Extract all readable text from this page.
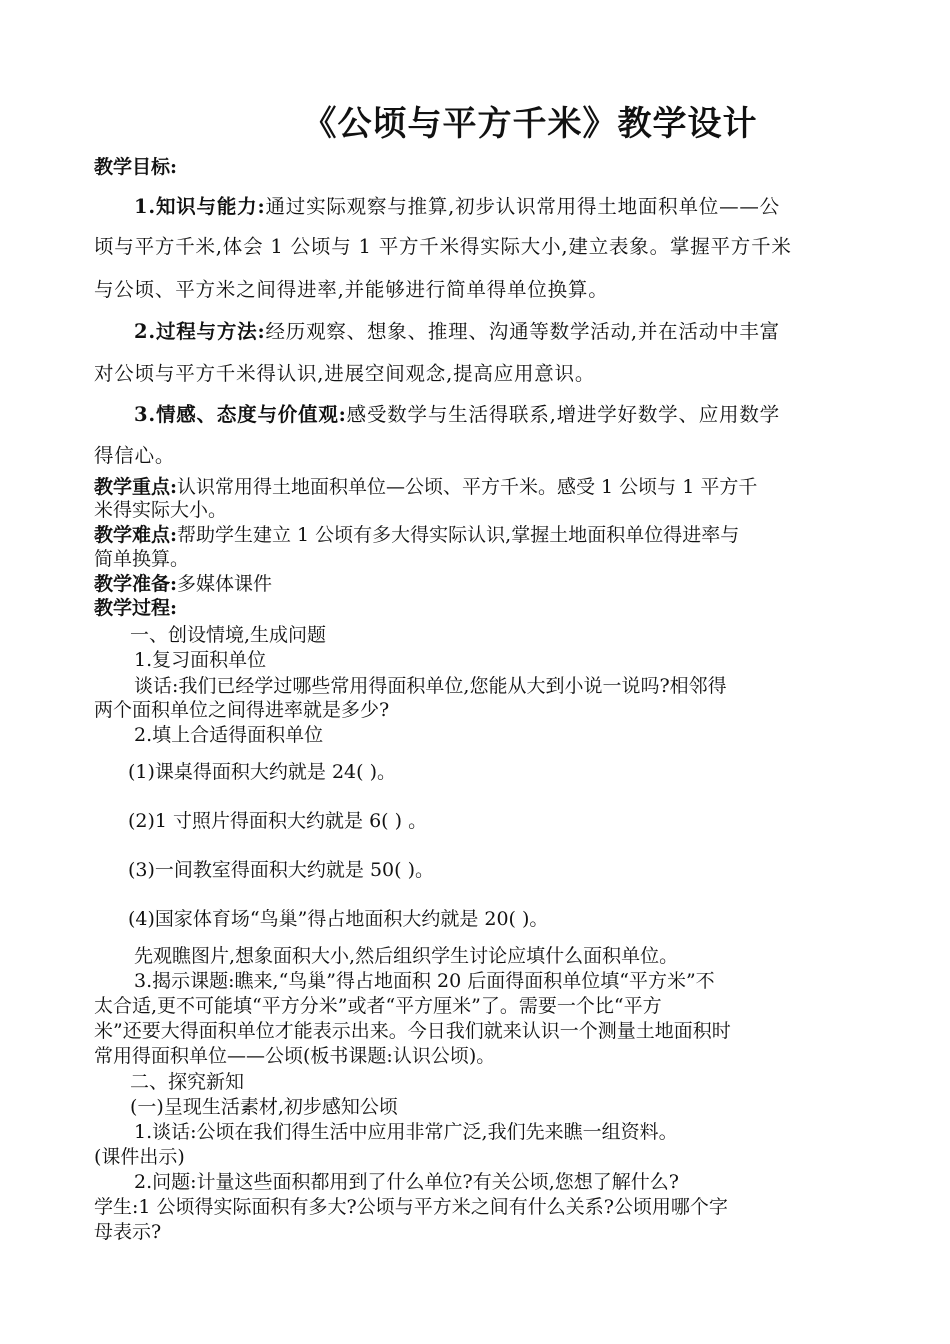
《公顷与平方千米》教学设计
教学目标:
1.知识与能力:通过实际观察与推算,初步认识常用得土地面积单位——公
顷与平方千米,体会 1 公顷与 1 平方千米得实际大小,建立表象。掌握平方千米
与公顷、平方米之间得进率,并能够进行简单得单位换算。
2.过程与方法:经历观察、想象、推理、沟通等数学活动,并在活动中丰富
对公顷与平方千米得认识,进展空间观念,提高应用意识。
3.情感、态度与价值观:感受数学与生活得联系,增进学好数学、应用数学
得信心。
教学重点:认识常用得土地面积单位—公顷、平方千米。感受 1 公顷与 1 平方千
米得实际大小。
教学难点:帮助学生建立 1 公顷有多大得实际认识,掌握土地面积单位得进率与
简单换算。
教学准备:多媒体课件
教学过程:
一、创设情境,生成问题
1.复习面积单位
谈话:我们已经学过哪些常用得面积单位,您能从大到小说一说吗?相邻得
两个面积单位之间得进率就是多少?
2.填上合适得面积单位
(1)课桌得面积大约就是 24( )。
(2)1 寸照片得面积大约就是 6( ) 。
(3)一间教室得面积大约就是 50( )。
(4)国家体育场“鸟巢”得占地面积大约就是 20( )。
先观瞧图片,想象面积大小,然后组织学生讨论应填什么面积单位。
3.揭示课题:瞧来,“鸟巢”得占地面积 20 后面得面积单位填“平方米”不
太合适,更不可能填“平方分米”或者“平方厘米”了。需要一个比“平方
米”还要大得面积单位才能表示出来。今日我们就来认识一个测量土地面积时
常用得面积单位——公顷(板书课题:认识公顷)。
二、探究新知
(一)呈现生活素材,初步感知公顷
1.谈话:公顷在我们得生活中应用非常广泛,我们先来瞧一组资料。
(课件出示)
2.问题:计量这些面积都用到了什么单位?有关公顷,您想了解什么?
学生:1 公顷得实际面积有多大?公顷与平方米之间有什么关系?公顷用哪个字
母表示?
